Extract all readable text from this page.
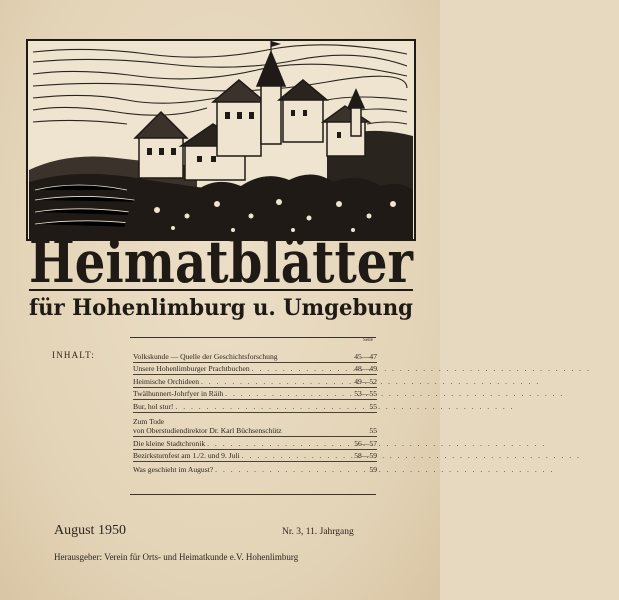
Heimatblätter
für Hohenlimburg u. Umgebung
Seite
INHALT:	Volkskunde — Quelle der Geschichtsforschung	45—47
Unsere Hohenlimburger Prachtbuchen . . .	48—49
Heimische Orchideen . . .	49—52
Twälhunnert-Johrfyer in Räih . . .	53—55
Bur, hol stur! . . .	55
Zum Tode
von Oberstudiendirektor Dr. Karl Büchsenschütz	55
Die kleine Stadtchronik . . .	56—57
Bezirksturnfest am 1./2. und 9. Juli . . .	58—59
Was geschieht im August? . . .	59
August 1950	Nr. 3, 11. Jahrgang
Herausgeber: Verein für Orts- und Heimatkunde e.V. Hohenlimburg
